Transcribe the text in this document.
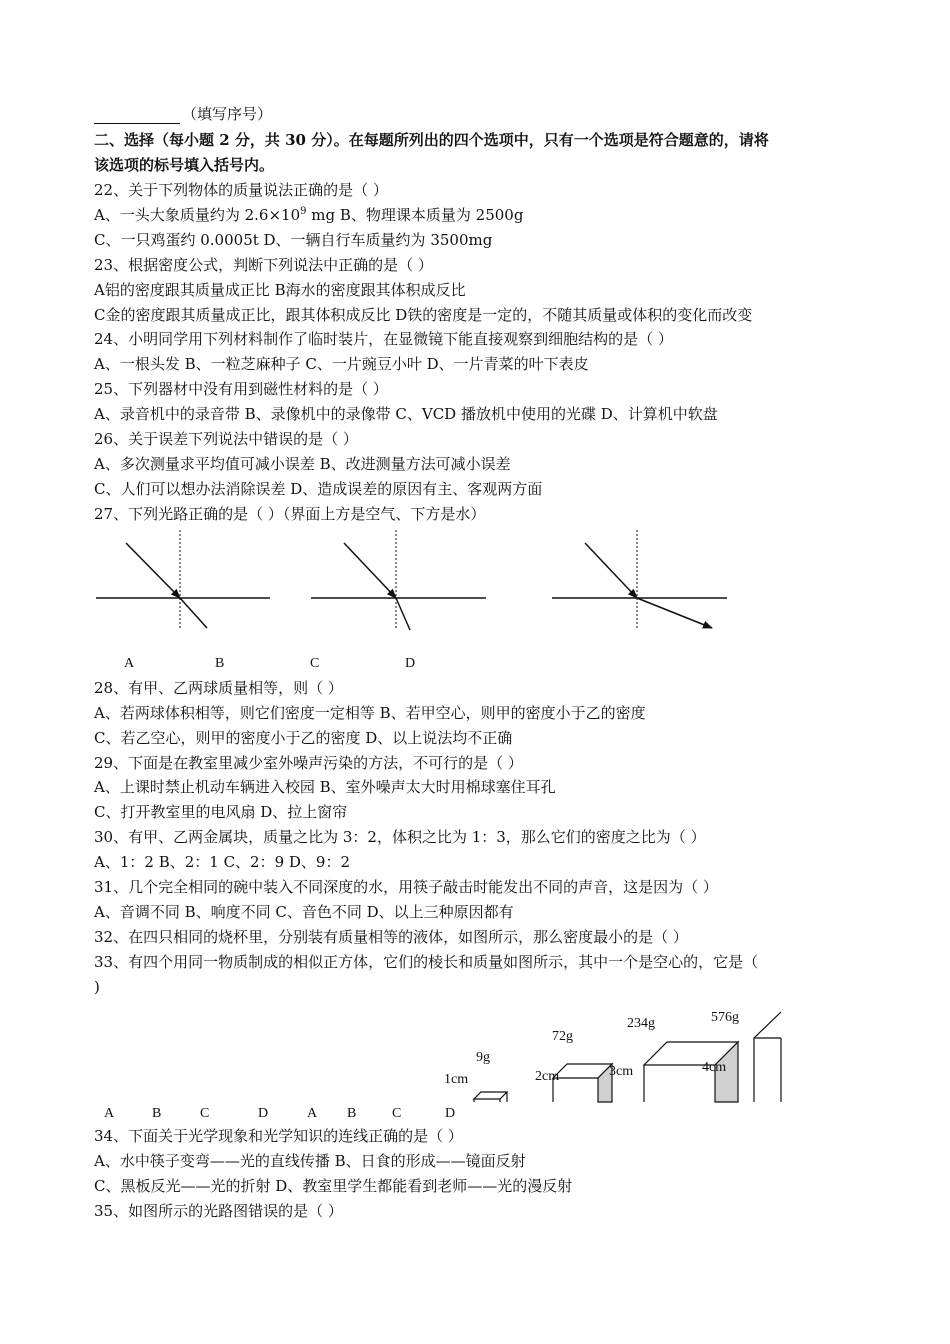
（填写序号）
二、选择（每小题 2 分，共 30 分）。在每题所列出的四个选项中，只有一个选项是符合题意的，请将
该选项的标号填入括号内。
22、关于下列物体的质量说法正确的是（ ）
A、一头大象质量约为 $2.6\times 10^9$ mg B、物理课本质量为 2500g
C、一只鸡蛋约 0.0005t D、一辆自行车质量约为 3500mg
23、根据密度公式，判断下列说法中正确的是（ ）
A铝的密度跟其质量成正比 B海水的密度跟其体积成反比
C金的密度跟其质量成正比，跟其体积成反比 D铁的密度是一定的，不随其质量或体积的变化而改变
24、小明同学用下列材料制作了临时装片，在显微镜下能直接观察到细胞结构的是（ ）
A、一根头发 B、一粒芝麻种子 C、一片豌豆小叶 D、一片青菜的叶下表皮
25、下列器材中没有用到磁性材料的是（ ）
A、录音机中的录音带 B、录像机中的录像带 C、VCD 播放机中使用的光碟 D、计算机中软盘
26、关于误差下列说法中错误的是（ ）
A、多次测量求平均值可减小误差 B、改进测量方法可减小误差
C、人们可以想办法消除误差 D、造成误差的原因有主、客观两方面
27、下列光路正确的是（ ）（界面上方是空气、下方是水）
A	B	C	D
9g
1cm
72g
2cm
234g
3cm
576g
4cm
A	B	C	D	A B	C	D
28、有甲、乙两球质量相等，则（ ）
A、若两球体积相等，则它们密度一定相等 B、若甲空心，则甲的密度小于乙的密度
C、若乙空心，则甲的密度小于乙的密度 D、以上说法均不正确
29、下面是在教室里减少室外噪声污染的方法，不可行的是（ ）
A、上课时禁止机动车辆进入校园 B、室外噪声太大时用棉球塞住耳孔
C、打开教室里的电风扇 D、拉上窗帘
30、有甲、乙两金属块，质量之比为 3：2，体积之比为 1：3，那么它们的密度之比为（ ）
A、1：2 B、2：1 C、2：9 D、9：2
31、几个完全相同的碗中装入不同深度的水，用筷子敲击时能发出不同的声音，这是因为（ ）
A、音调不同 B、响度不同 C、音色不同 D、以上三种原因都有
32、在四只相同的烧杯里，分别装有质量相等的液体，如图所示，那么密度最小的是（ ）
33、有四个用同一物质制成的相似正方体，它们的棱长和质量如图所示，其中一个是空心的，它是（
)
34、下面关于光学现象和光学知识的连线正确的是（ ）
A、水中筷子变弯——光的直线传播 B、日食的形成——镜面反射
C、黑板反光——光的折射 D、教室里学生都能看到老师——光的漫反射
35、如图所示的光路图错误的是（ ）
